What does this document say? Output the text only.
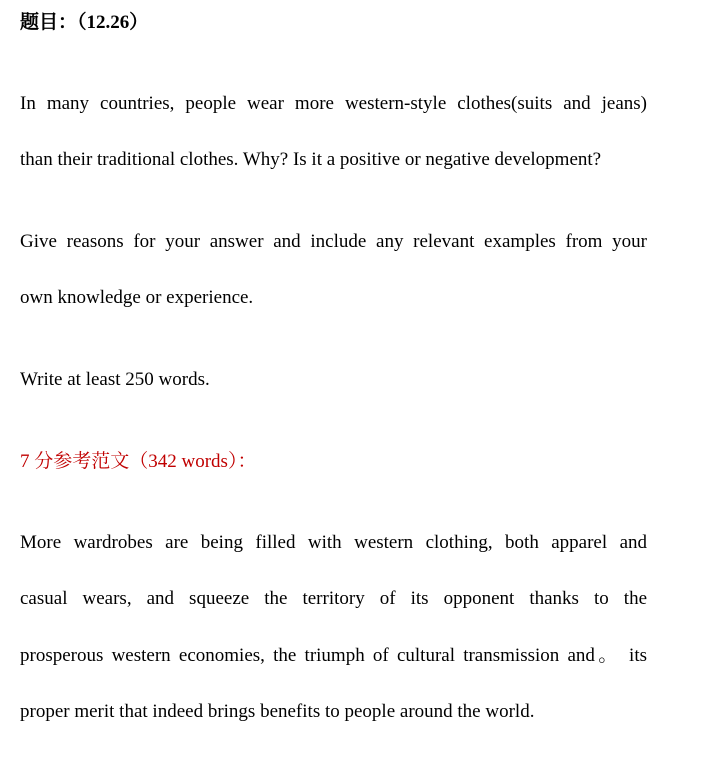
题目：（12.26）
In many countries, people wear more western-style clothes(suits and jeans)
than their traditional clothes. Why? Is it a positive or negative development?
Give reasons for your answer and include any relevant examples from your
own knowledge or experience.
Write at least 250 words.
7 分参考范文（342 words）：
More wardrobes are being filled with western clothing, both apparel and
casual wears, and squeeze the territory of its opponent thanks to the
prosperous western economies, the triumph of cultural transmission and。 its
proper merit that indeed brings benefits to people around the world.
